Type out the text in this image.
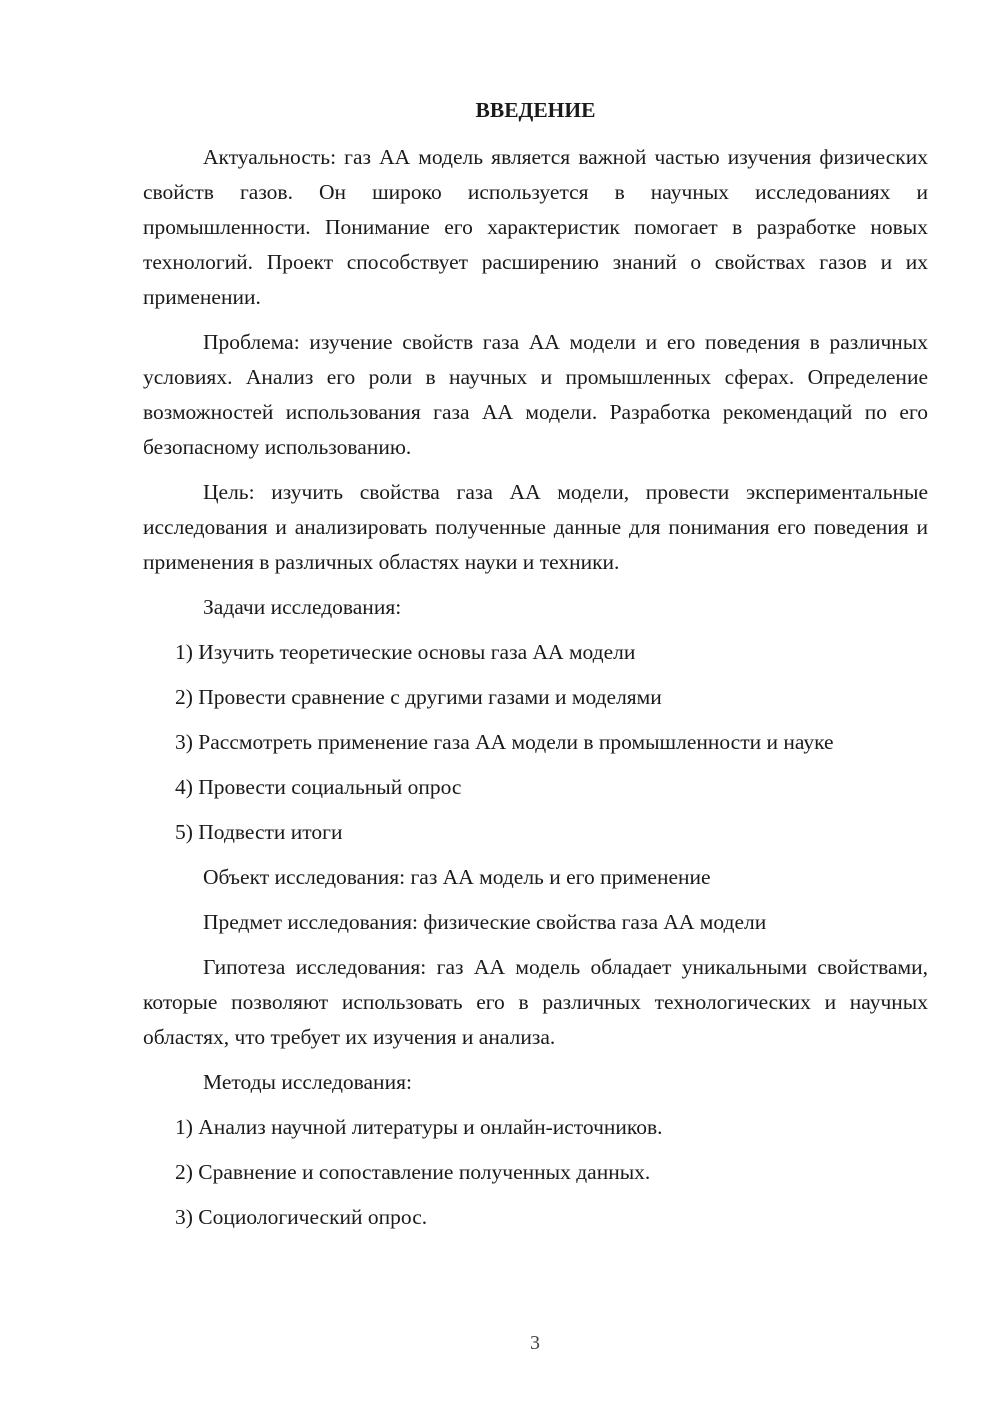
ВВЕДЕНИЕ

Актуальность: газ АА модель является важной частью изучения физических свойств газов. Он широко используется в научных исследованиях и промышленности. Понимание его характеристик помогает в разработке новых технологий. Проект способствует расширению знаний о свойствах газов и их применении.

Проблема: изучение свойств газа АА модели и его поведения в различных условиях. Анализ его роли в научных и промышленных сферах. Определение возможностей использования газа АА модели. Разработка рекомендаций по его безопасному использованию.

Цель: изучить свойства газа АА модели, провести экспериментальные исследования и анализировать полученные данные для понимания его поведения и применения в различных областях науки и техники.

Задачи исследования:

1) Изучить теоретические основы газа АА модели

2) Провести сравнение с другими газами и моделями

3) Рассмотреть применение газа АА модели в промышленности и науке

4) Провести социальный опрос

5) Подвести итоги

Объект исследования: газ АА модель и его применение
Предмет исследования: физические свойства газа АА модели

Гипотеза исследования: газ АА модель обладает уникальными свойствами, которые позволяют использовать его в различных технологических и научных областях, что требует их изучения и анализа.

Методы исследования:

1) Анализ научной литературы и онлайн-источников.

2) Сравнение и сопоставление полученных данных.

3) Социологический опрос.

3
